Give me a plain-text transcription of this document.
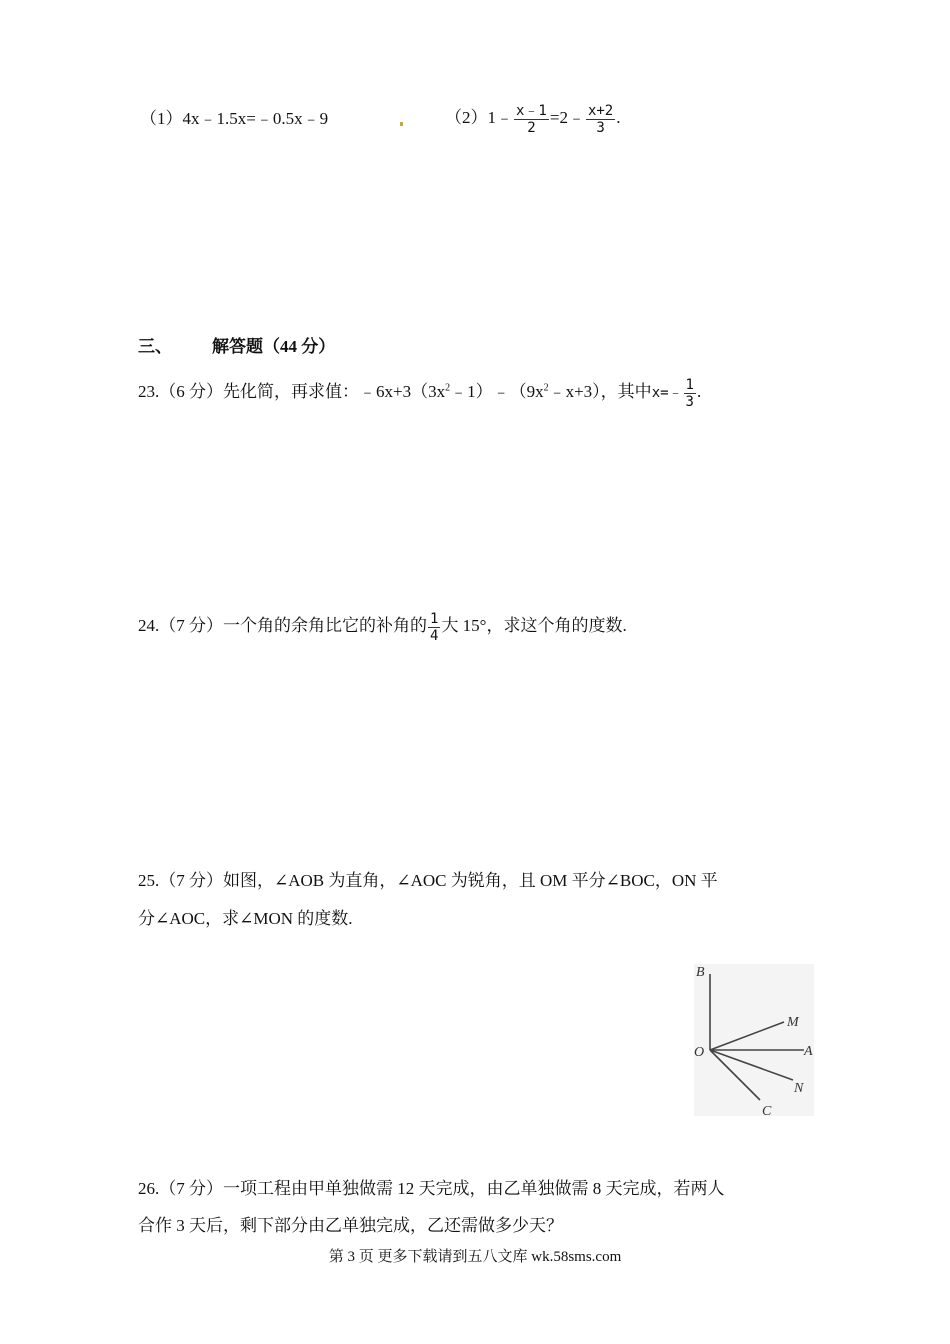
（1）4x﹣1.5x=﹣0.5x﹣9	（2）1﹣ $\frac{x﹣1}{2}$ =2﹣ $\frac{x+2}{3}$ .
三、 解答题（44 分）
23.（6 分）先化简，再求值：$﹣6x+3(3x^2﹣1)﹣(9x^2﹣x+3)$，其中x=﹣ $\frac{1}{3}$ .
24.（7 分）一个角的余角比它的补角的 $\frac{1}{4}$ 大 15°，求这个角的度数.
25.（7 分）如图，∠AOB 为直角，∠AOC 为锐角，且 OM 平分∠BOC，ON 平
分∠AOC，求∠MON 的度数.
B
M
O	A
N
C
26.（7 分）一项工程由甲单独做需 12 天完成，由乙单独做需 8 天完成，若两人
合作 3 天后，剩下部分由乙单独完成，乙还需做多少天？
第 3 页 更多下载请到五八文库 wk.58sms.com
